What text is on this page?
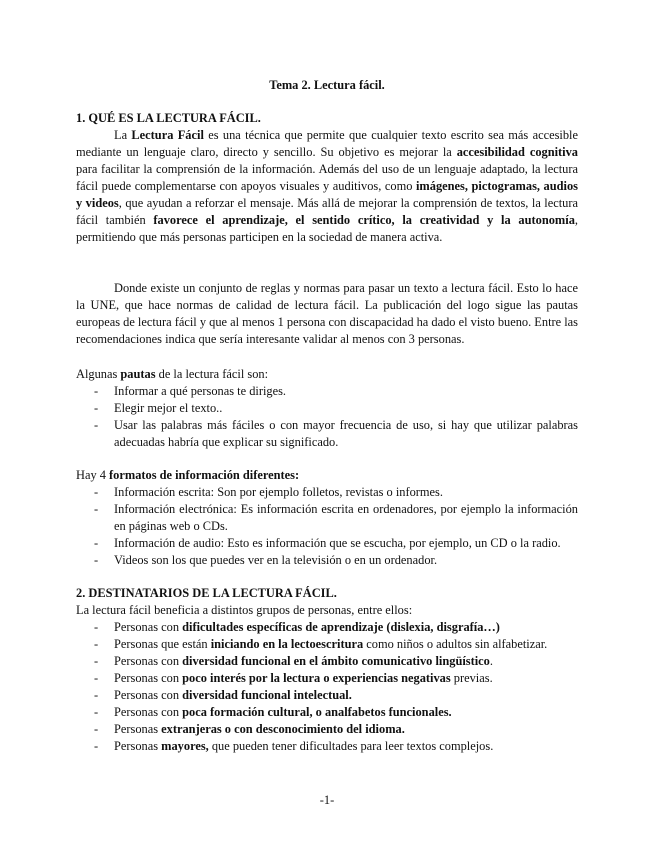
Tema 2. Lectura fácil.
1. QUÉ ES LA LECTURA FÁCIL.
La Lectura Fácil es una técnica que permite que cualquier texto escrito sea más accesible mediante un lenguaje claro, directo y sencillo. Su objetivo es mejorar la accesibilidad cognitiva para facilitar la comprensión de la información. Además del uso de un lenguaje adaptado, la lectura fácil puede complementarse con apoyos visuales y auditivos, como imágenes, pictogramas, audios y videos, que ayudan a reforzar el mensaje. Más allá de mejorar la comprensión de textos, la lectura fácil también favorece el aprendizaje, el sentido crítico, la creatividad y la autonomía, permitiendo que más personas participen en la sociedad de manera activa.
Donde existe un conjunto de reglas y normas para pasar un texto a lectura fácil. Esto lo hace la UNE, que hace normas de calidad de lectura fácil. La publicación del logo sigue las pautas europeas de lectura fácil y que al menos 1 persona con discapacidad ha dado el visto bueno. Entre las recomendaciones indica que sería interesante validar al menos con 3 personas.
Algunas pautas de la lectura fácil son:
- Informar a qué personas te diriges.
- Elegir mejor el texto..
- Usar las palabras más fáciles o con mayor frecuencia de uso, si hay que utilizar palabras adecuadas habría que explicar su significado.
Hay 4 formatos de información diferentes:
- Información escrita: Son por ejemplo folletos, revistas o informes.
- Información electrónica: Es información escrita en ordenadores, por ejemplo la información en páginas web o CDs.
- Información de audio: Esto es información que se escucha, por ejemplo, un CD o la radio.
- Videos son los que puedes ver en la televisión o en un ordenador.
2. DESTINATARIOS DE LA LECTURA FÁCIL.
La lectura fácil beneficia a distintos grupos de personas, entre ellos:
- Personas con dificultades específicas de aprendizaje (dislexia, disgrafía…)
- Personas que están iniciando en la lectoescritura como niños o adultos sin alfabetizar.
- Personas con diversidad funcional en el ámbito comunicativo lingüístico.
- Personas con poco interés por la lectura o experiencias negativas previas.
- Personas con diversidad funcional intelectual.
- Personas con poca formación cultural, o analfabetos funcionales.
- Personas extranjeras o con desconocimiento del idioma.
- Personas mayores, que pueden tener dificultades para leer textos complejos.
-1-
